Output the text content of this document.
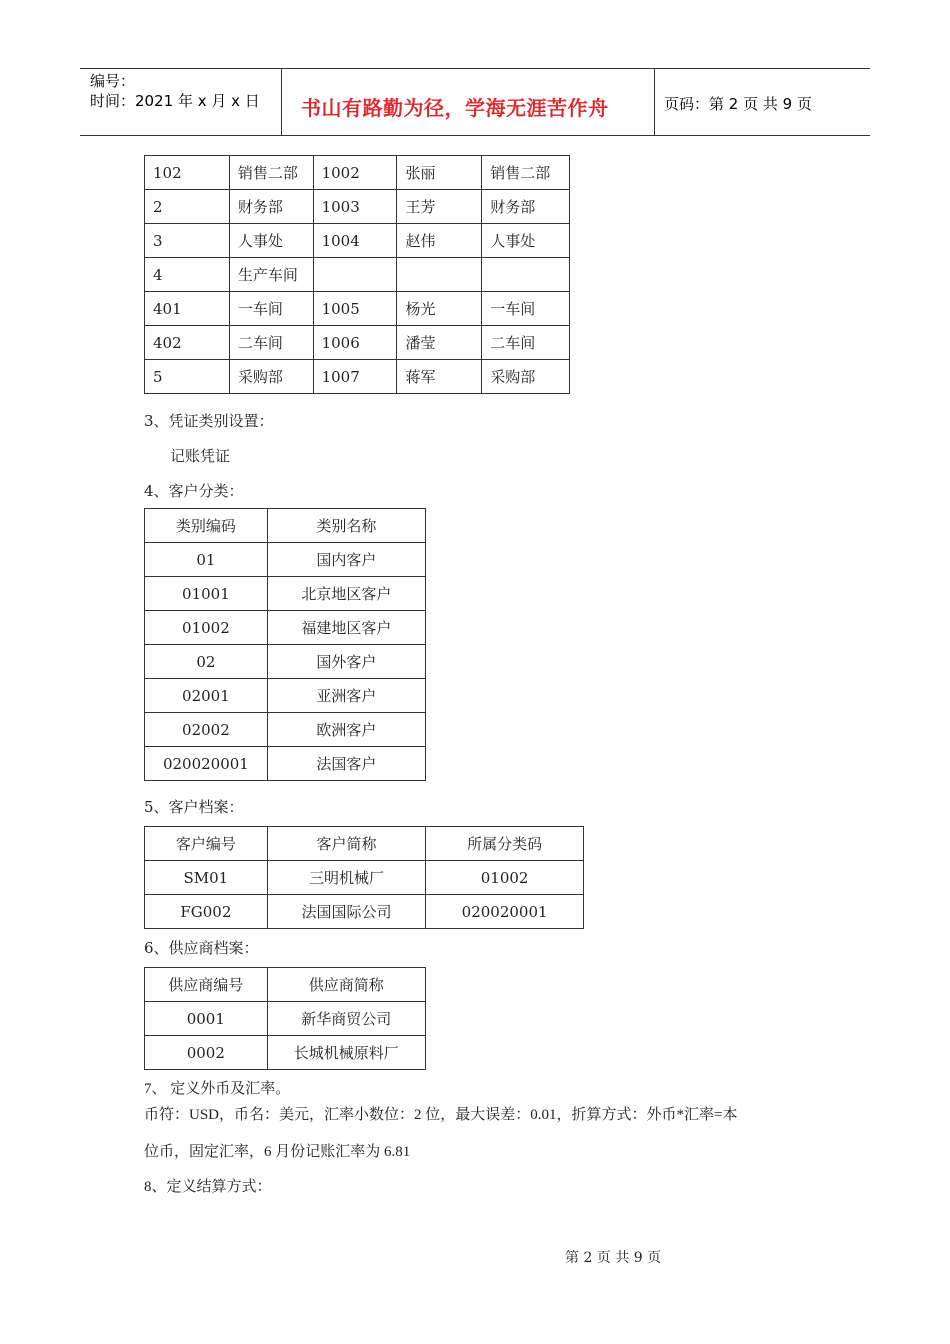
编号：
时间：2021 年 x 月 x 日 书山有路勤为径，学海无涯苦作舟	页码：第 2 页 共 9 页
102	销售二部	1002	张丽	销售二部
2	财务部	1003	王芳	财务部
3	人事处	1004	赵伟	人事处
4	生产车间			
401	一车间	1005	杨光	一车间
402	二车间	1006	潘莹	二车间
5	采购部	1007	蒋军	采购部
3、凭证类别设置：
记账凭证
4、客户分类：
类别编码	类别名称
01	国内客户
01001	北京地区客户
01002	福建地区客户
02	国外客户
02001	亚洲客户
02002	欧洲客户
020020001	法国客户
5、客户档案：
客户编号	客户简称	所属分类码
SM01	三明机械厂	01002
FG002	法国国际公司	020020001
6、供应商档案：
供应商编号	供应商简称
0001	新华商贸公司
0002	长城机械原料厂
7、 定义外币及汇率。
币符：USD，币名：美元，汇率小数位：2 位，最大误差：0.01，折算方式：外币*汇率=本
位币，固定汇率，6 月份记账汇率为 6.81
8、定义结算方式：
第 2 页 共 9 页
